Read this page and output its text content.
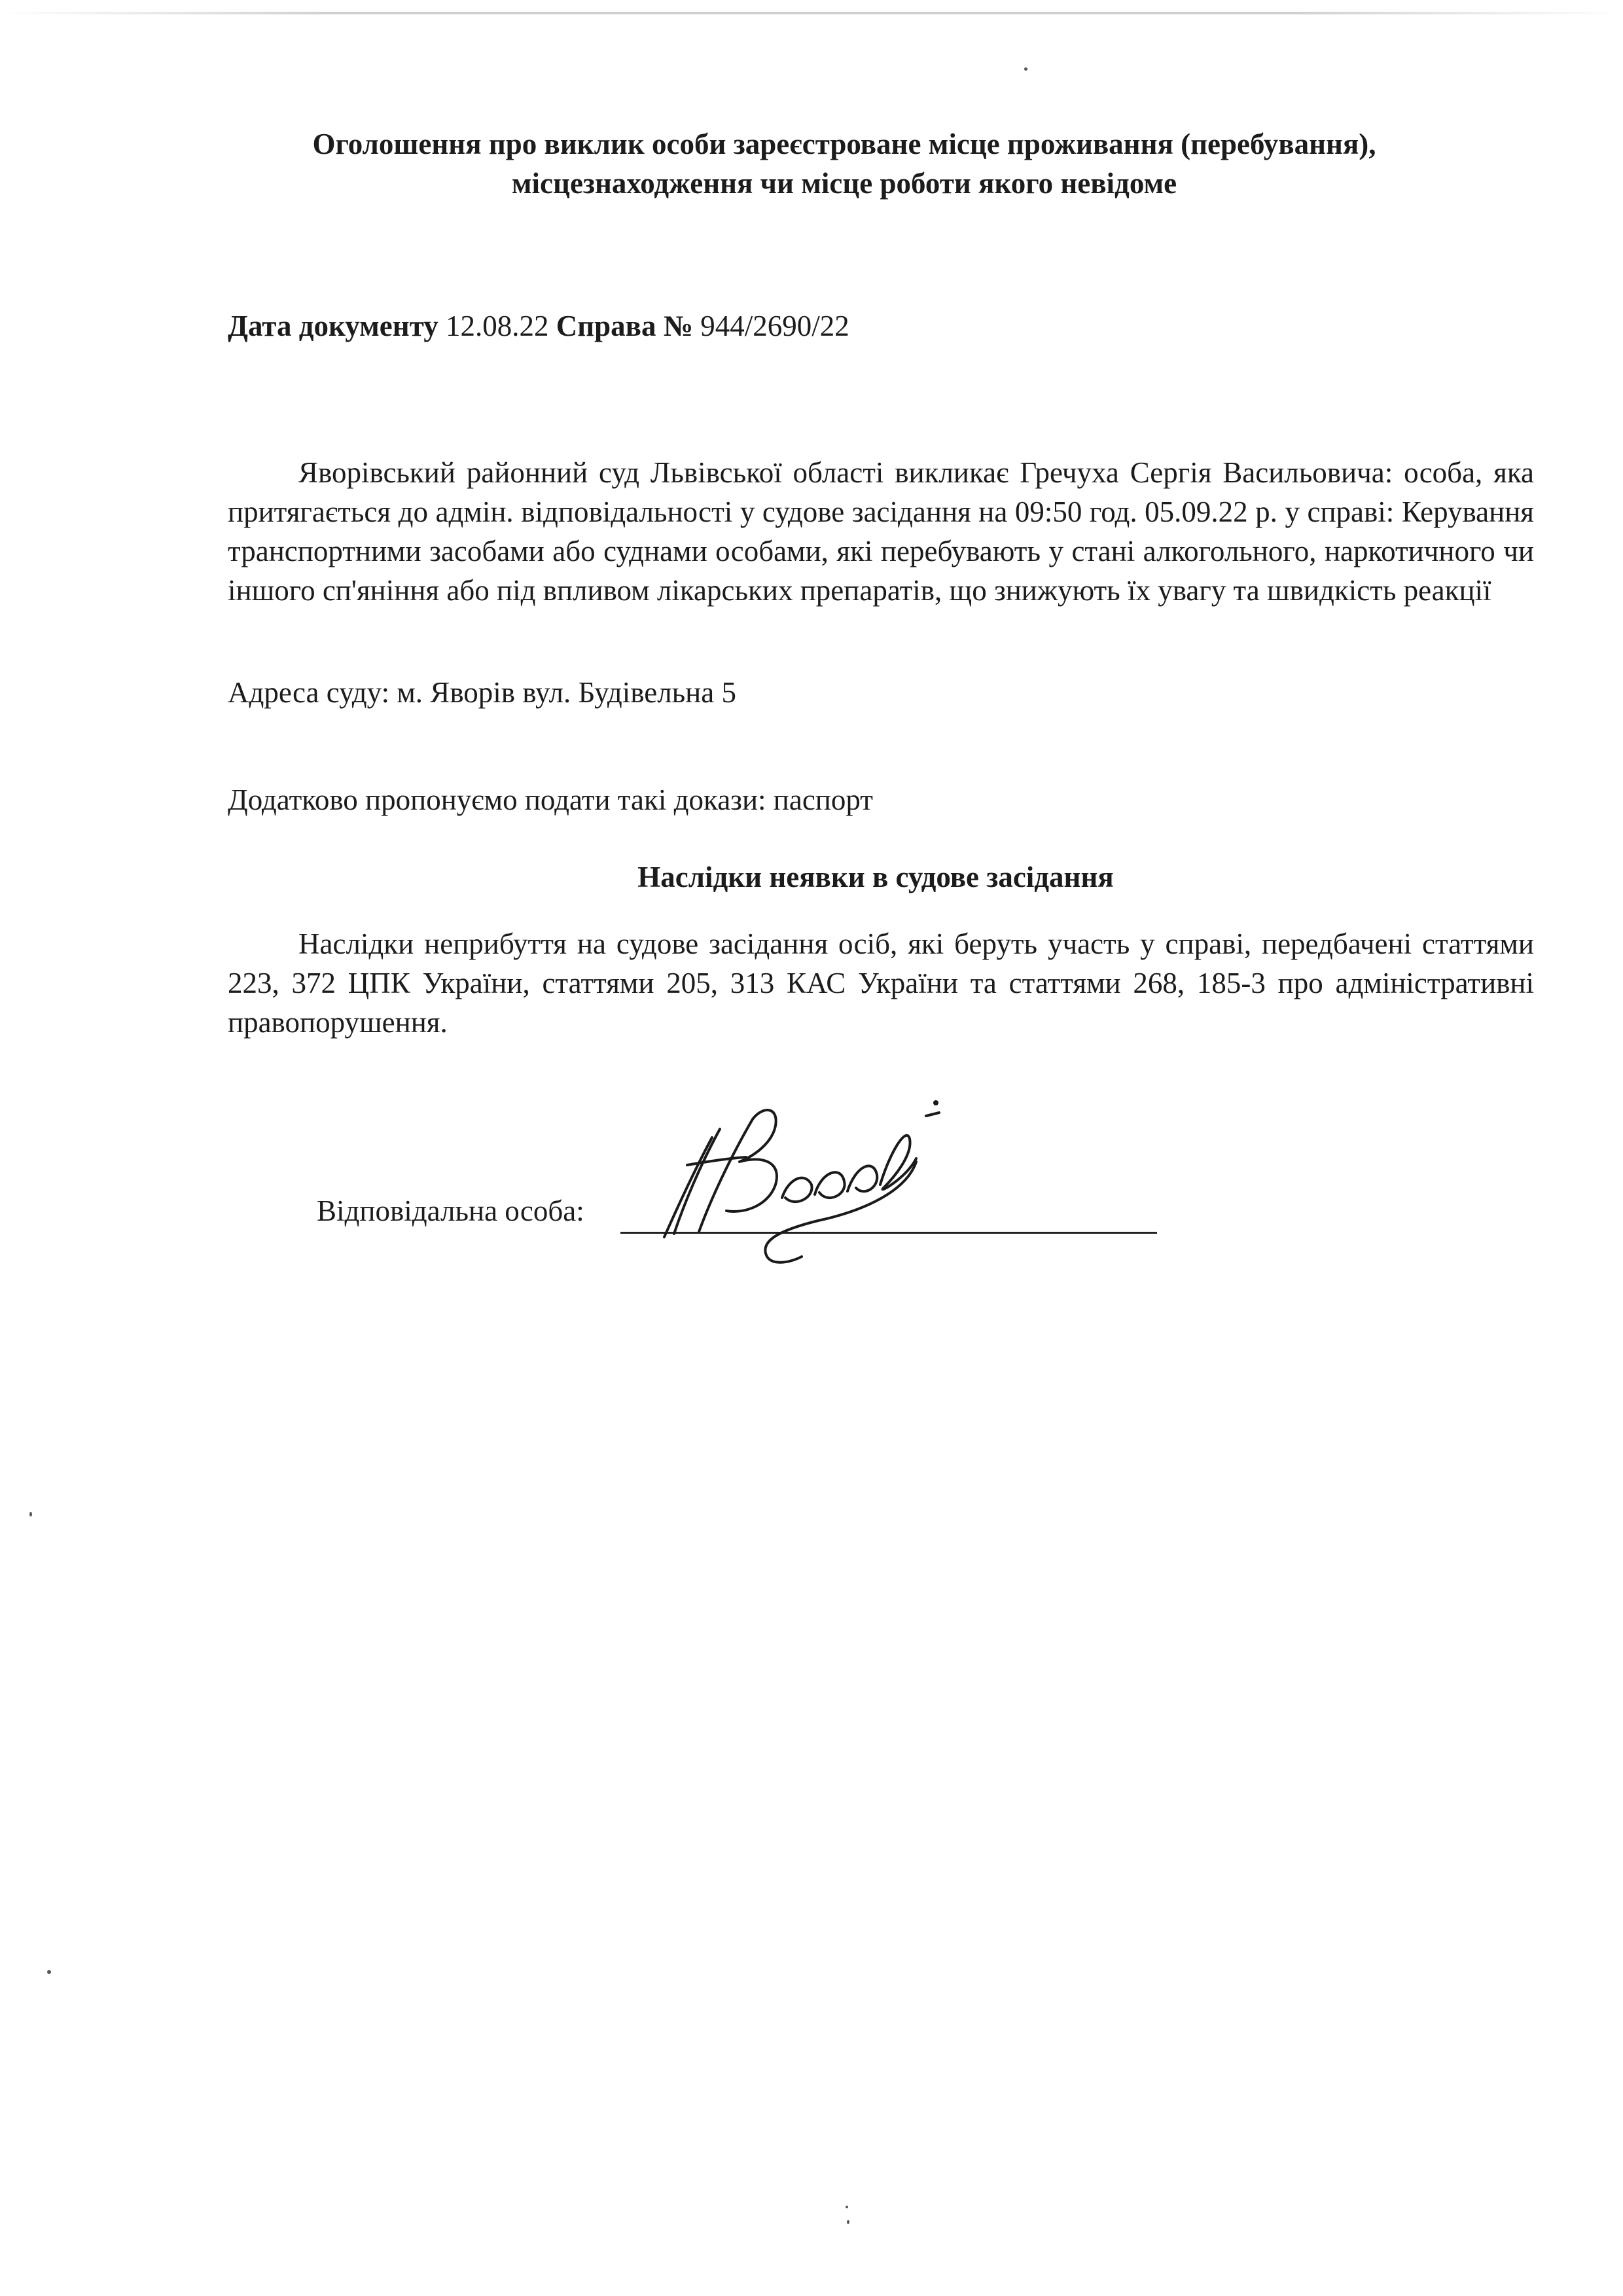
Оголошення про виклик особи зареєстроване місце проживання (перебування),
місцезнаходження чи місце роботи якого невідоме
Дата документу 12.08.22 Справа № 944/2690/22
Яворівський районний суд Львівської області викликає Гречуха Сергія Васильовича: особа, яка притягається до адмін. відповідальності у судове засідання на 09:50 год. 05.09.22 р. у справі: Керування транспортними засобами або суднами особами, які перебувають у стані алкогольного, наркотичного чи іншого сп'яніння або під впливом лікарських препаратів, що знижують їх увагу та швидкість реакції
Адреса суду: м. Яворів вул. Будівельна 5
Додатково пропонуємо подати такі докази: паспорт
Наслідки неявки в судове засідання
Наслідки неприбуття на судове засідання осіб, які беруть участь у справі, передбачені статтями 223, 372 ЦПК України, статтями 205, 313 КАС України та статтями 268, 185-3 про адміністративні правопорушення.
Відповідальна особа:
